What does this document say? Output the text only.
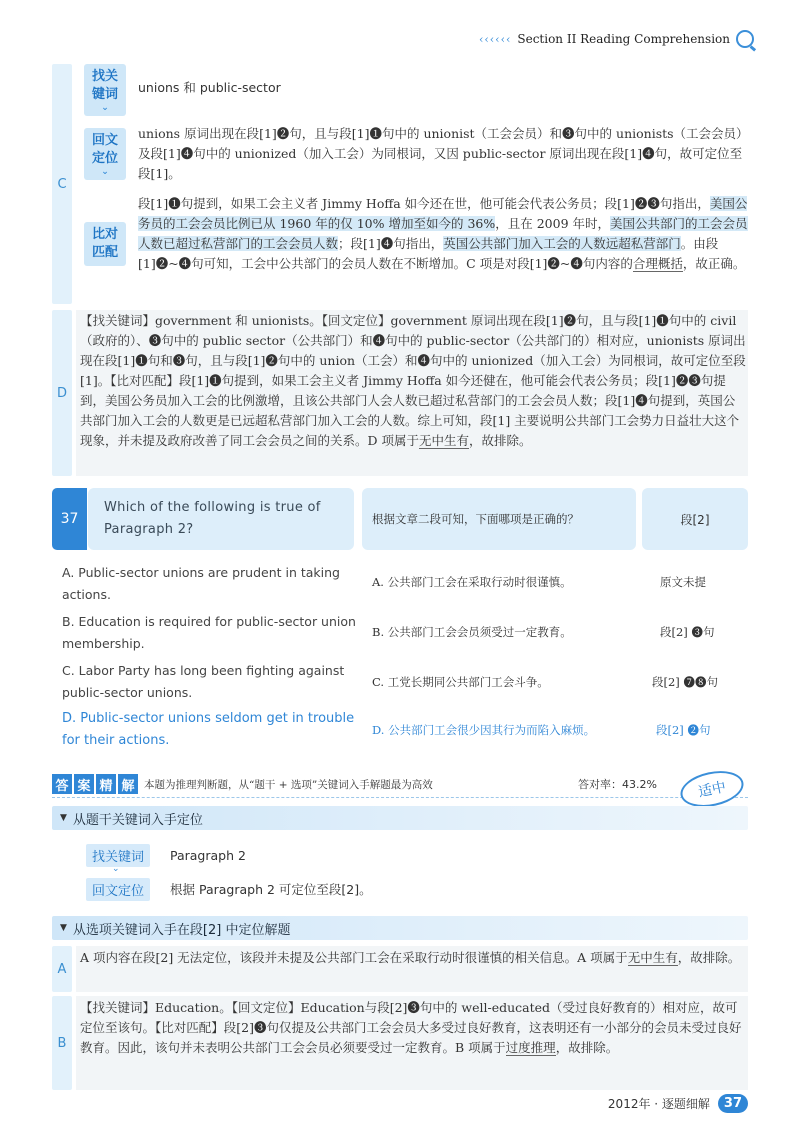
‹‹‹‹‹‹ Section II Reading Comprehension
C
找关键词
⌄
unions 和 public-sector
回文定位
⌄
unions 原词出现在段[1]❷句，且与段[1]❶句中的 unionist（工会会员）和❸句中的 unionists（工会会员）及段[1]❹句中的 unionized（加入工会）为同根词，又因 public-sector 原词出现在段[1]❹句，故可定位至段[1]。
比对匹配
段[1]❶句提到，如果工会主义者 Jimmy Hoffa 如今还在世，他可能会代表公务员；段[1]❷❸句指出，美国公务员的工会会员比例已从 1960 年的仅 10% 增加至如今的 36%，且在 2009 年时，美国公共部门的工会会员人数已超过私营部门的工会会员人数；段[1]❹句指出，英国公共部门加入工会的人数远超私营部门。由段[1]❷~❹句可知，工会中公共部门的会员人数在不断增加。C 项是对段[1]❷~❹句内容的合理概括，故正确。
D
【找关键词】government 和 unionists。【回文定位】government 原词出现在段[1]❷句，且与段[1]❶句中的 civil（政府的）、❸句中的 public sector（公共部门）和❹句中的 public-sector（公共部门的）相对应，unionists 原词出现在段[1]❶句和❸句，且与段[1]❷句中的 union（工会）和❹句中的 unionized（加入工会）为同根词，故可定位至段[1]。【比对匹配】段[1]❶句提到，如果工会主义者 Jimmy Hoffa 如今还健在，他可能会代表公务员；段[1]❷❸句提到，美国公务员加入工会的比例激增，且该公共部门人会人数已超过私营部门的工会会员人数；段[1]❹句提到，英国公共部门加入工会的人数更是已远超私营部门加入工会的人数。综上可知，段[1] 主要说明公共部门工会势力日益壮大这个现象，并未提及政府改善了同工会会员之间的关系。D 项属于无中生有，故排除。
37
Which of the following is true of Paragraph 2?
根据文章二段可知，下面哪项是正确的？	段[2]
A. Public-sector unions are prudent in taking actions.
A. 公共部门工会在采取行动时很谨慎。	原文未提
B. Education is required for public-sector union membership.
B. 公共部门工会会员须受过一定教育。	段[2] ❸句
C. Labor Party has long been fighting against public-sector unions.
C. 工党长期同公共部门工会斗争。	段[2] ❼❽句
D. Public-sector unions seldom get in trouble for their actions.
D. 公共部门工会很少因其行为而陷入麻烦。	段[2] ❷句
答 案 精 解 本题为推理判断题，从“题干 + 选项”关键词入手解题最为高效	答对率：43.2%	适中
▼ 从题干关键词入手定位
找关键词
⌄
Paragraph 2
回文定位	根据 Paragraph 2 可定位至段[2]。
▼ 从选项关键词入手在段[2] 中定位解题
A
A 项内容在段[2] 无法定位，该段并未提及公共部门工会在采取行动时很谨慎的相关信息。A 项属于无中生有，故排除。
B
【找关键词】Education。【回文定位】Education与段[2]❸句中的 well-educated（受过良好教育的）相对应，故可定位至该句。【比对匹配】段[2]❸句仅提及公共部门工会会员大多受过良好教育，这表明还有一小部分的会员未受过良好教育。因此，该句并未表明公共部门工会会员必须要受过一定教育。B 项属于过度推理，故排除。
2012年 · 逐题细解	37
